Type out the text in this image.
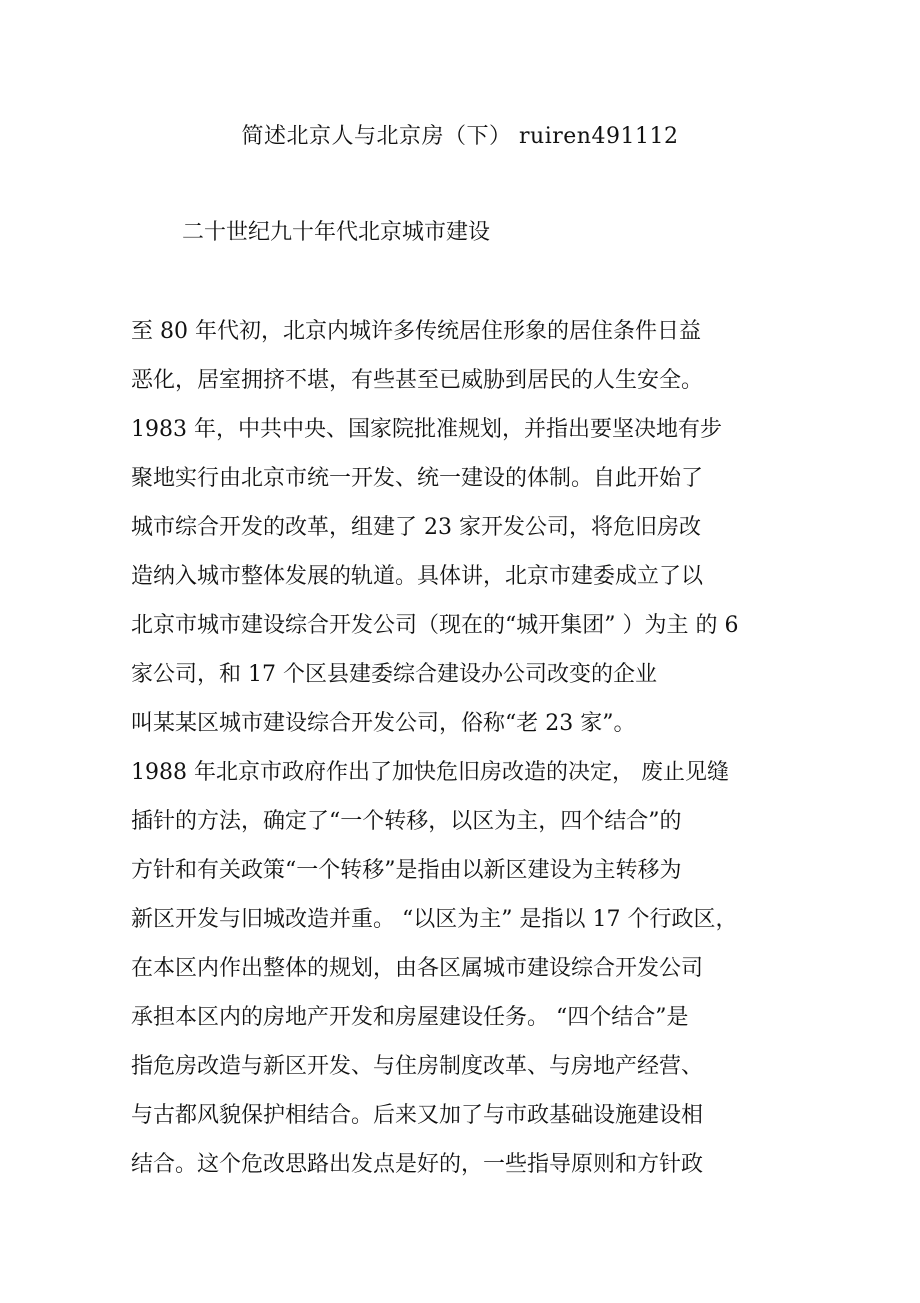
简述北京人与北京房（下） ruiren491112
二十世纪九十年代北京城市建设
至 80 年代初，北京内城许多传统居住形象的居住条件日益
恶化，居室拥挤不堪，有些甚至已威胁到居民的人生安全。
1983 年，中共中央、国家院批准规划，并指出要坚决地有步
聚地实行由北京市统一开发、统一建设的体制。自此开始了
城市综合开发的改革，组建了 23 家开发公司，将危旧房改
造纳入城市整体发展的轨道。具体讲，北京市建委成立了以
北京市城市建设综合开发公司（现在的“城开集团” ）为主 的 6
家公司，和 17 个区县建委综合建设办公司改变的企业
叫某某区城市建设综合开发公司，俗称“老 23 家”。
1988 年北京市政府作出了加快危旧房改造的决定， 废止见缝
插针的方法，确定了“一个转移，以区为主，四个结合”的
方针和有关政策“一个转移”是指由以新区建设为主转移为
新区开发与旧城改造并重。 “以区为主” 是指以 17 个行政区，
在本区内作出整体的规划，由各区属城市建设综合开发公司
承担本区内的房地产开发和房屋建设任务。 “四个结合”是
指危房改造与新区开发、与住房制度改革、与房地产经营、
与古都风貌保护相结合。后来又加了与市政基础设施建设相
结合。这个危改思路出发点是好的，一些指导原则和方针政
